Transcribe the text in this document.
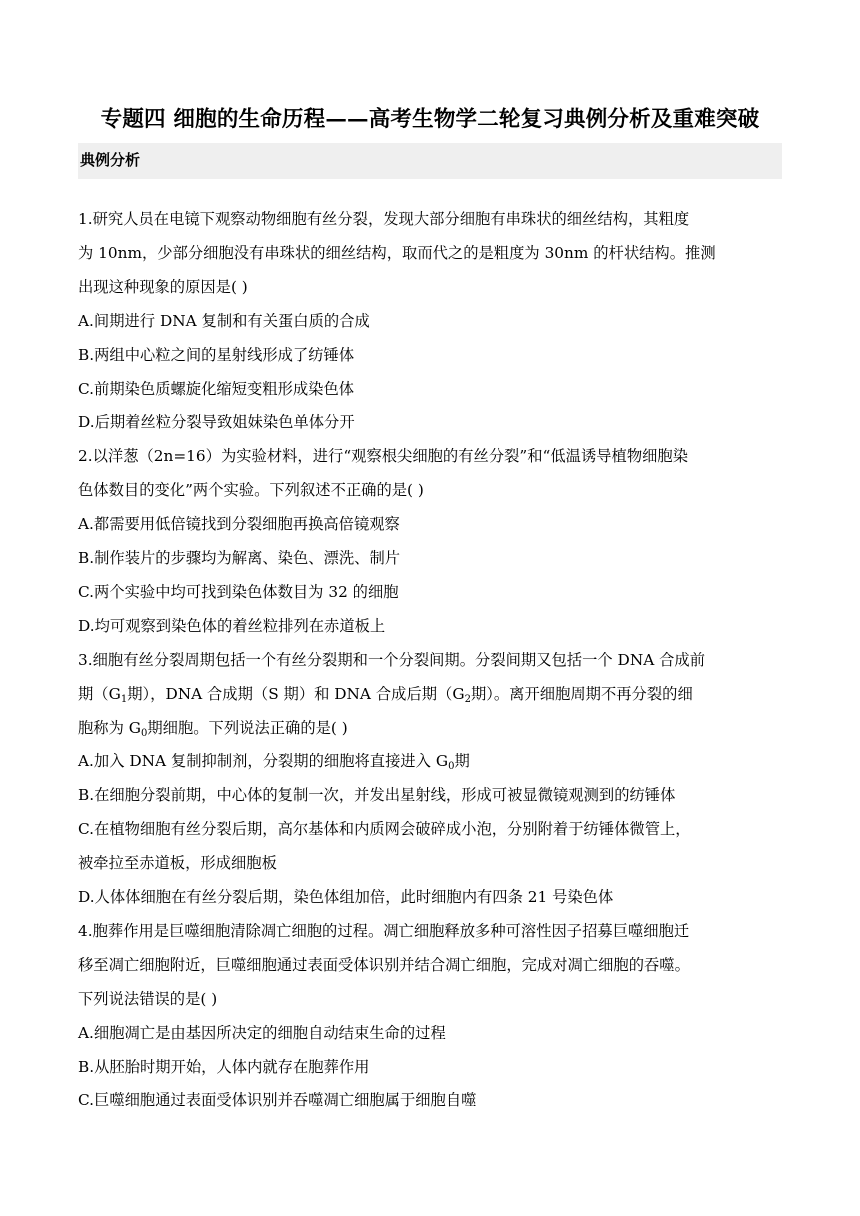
专题四 细胞的生命历程——高考生物学二轮复习典例分析及重难突破
典例分析
1.研究人员在电镜下观察动物细胞有丝分裂，发现大部分细胞有串珠状的细丝结构，其粗度
为 10nm，少部分细胞没有串珠状的细丝结构，取而代之的是粗度为 30nm 的杆状结构。推测
出现这种现象的原因是( )
A.间期进行 DNA 复制和有关蛋白质的合成
B.两组中心粒之间的星射线形成了纺锤体
C.前期染色质螺旋化缩短变粗形成染色体
D.后期着丝粒分裂导致姐妹染色单体分开
2.以洋葱（2n=16）为实验材料，进行“观察根尖细胞的有丝分裂”和“低温诱导植物细胞染
色体数目的变化”两个实验。下列叙述不正确的是( )
A.都需要用低倍镜找到分裂细胞再换高倍镜观察
B.制作装片的步骤均为解离、染色、漂洗、制片
C.两个实验中均可找到染色体数目为 32 的细胞
D.均可观察到染色体的着丝粒排列在赤道板上
3.细胞有丝分裂周期包括一个有丝分裂期和一个分裂间期。分裂间期又包括一个 DNA 合成前
期（$G_1$期），DNA 合成期（S 期）和 DNA 合成后期（$G_2$期）。离开细胞周期不再分裂的细
胞称为 $G_0$期细胞。下列说法正确的是( )
A.加入 DNA 复制抑制剂，分裂期的细胞将直接进入 $G_0$期
B.在细胞分裂前期，中心体的复制一次，并发出星射线，形成可被显微镜观测到的纺锤体
C.在植物细胞有丝分裂后期，高尔基体和内质网会破碎成小泡，分别附着于纺锤体微管上，
被牵拉至赤道板，形成细胞板
D.人体体细胞在有丝分裂后期，染色体组加倍，此时细胞内有四条 21 号染色体
4.胞葬作用是巨噬细胞清除凋亡细胞的过程。凋亡细胞释放多种可溶性因子招募巨噬细胞迁
移至凋亡细胞附近，巨噬细胞通过表面受体识别并结合凋亡细胞，完成对凋亡细胞的吞噬。
下列说法错误的是( )
A.细胞凋亡是由基因所决定的细胞自动结束生命的过程
B.从胚胎时期开始，人体内就存在胞葬作用
C.巨噬细胞通过表面受体识别并吞噬凋亡细胞属于细胞自噬
